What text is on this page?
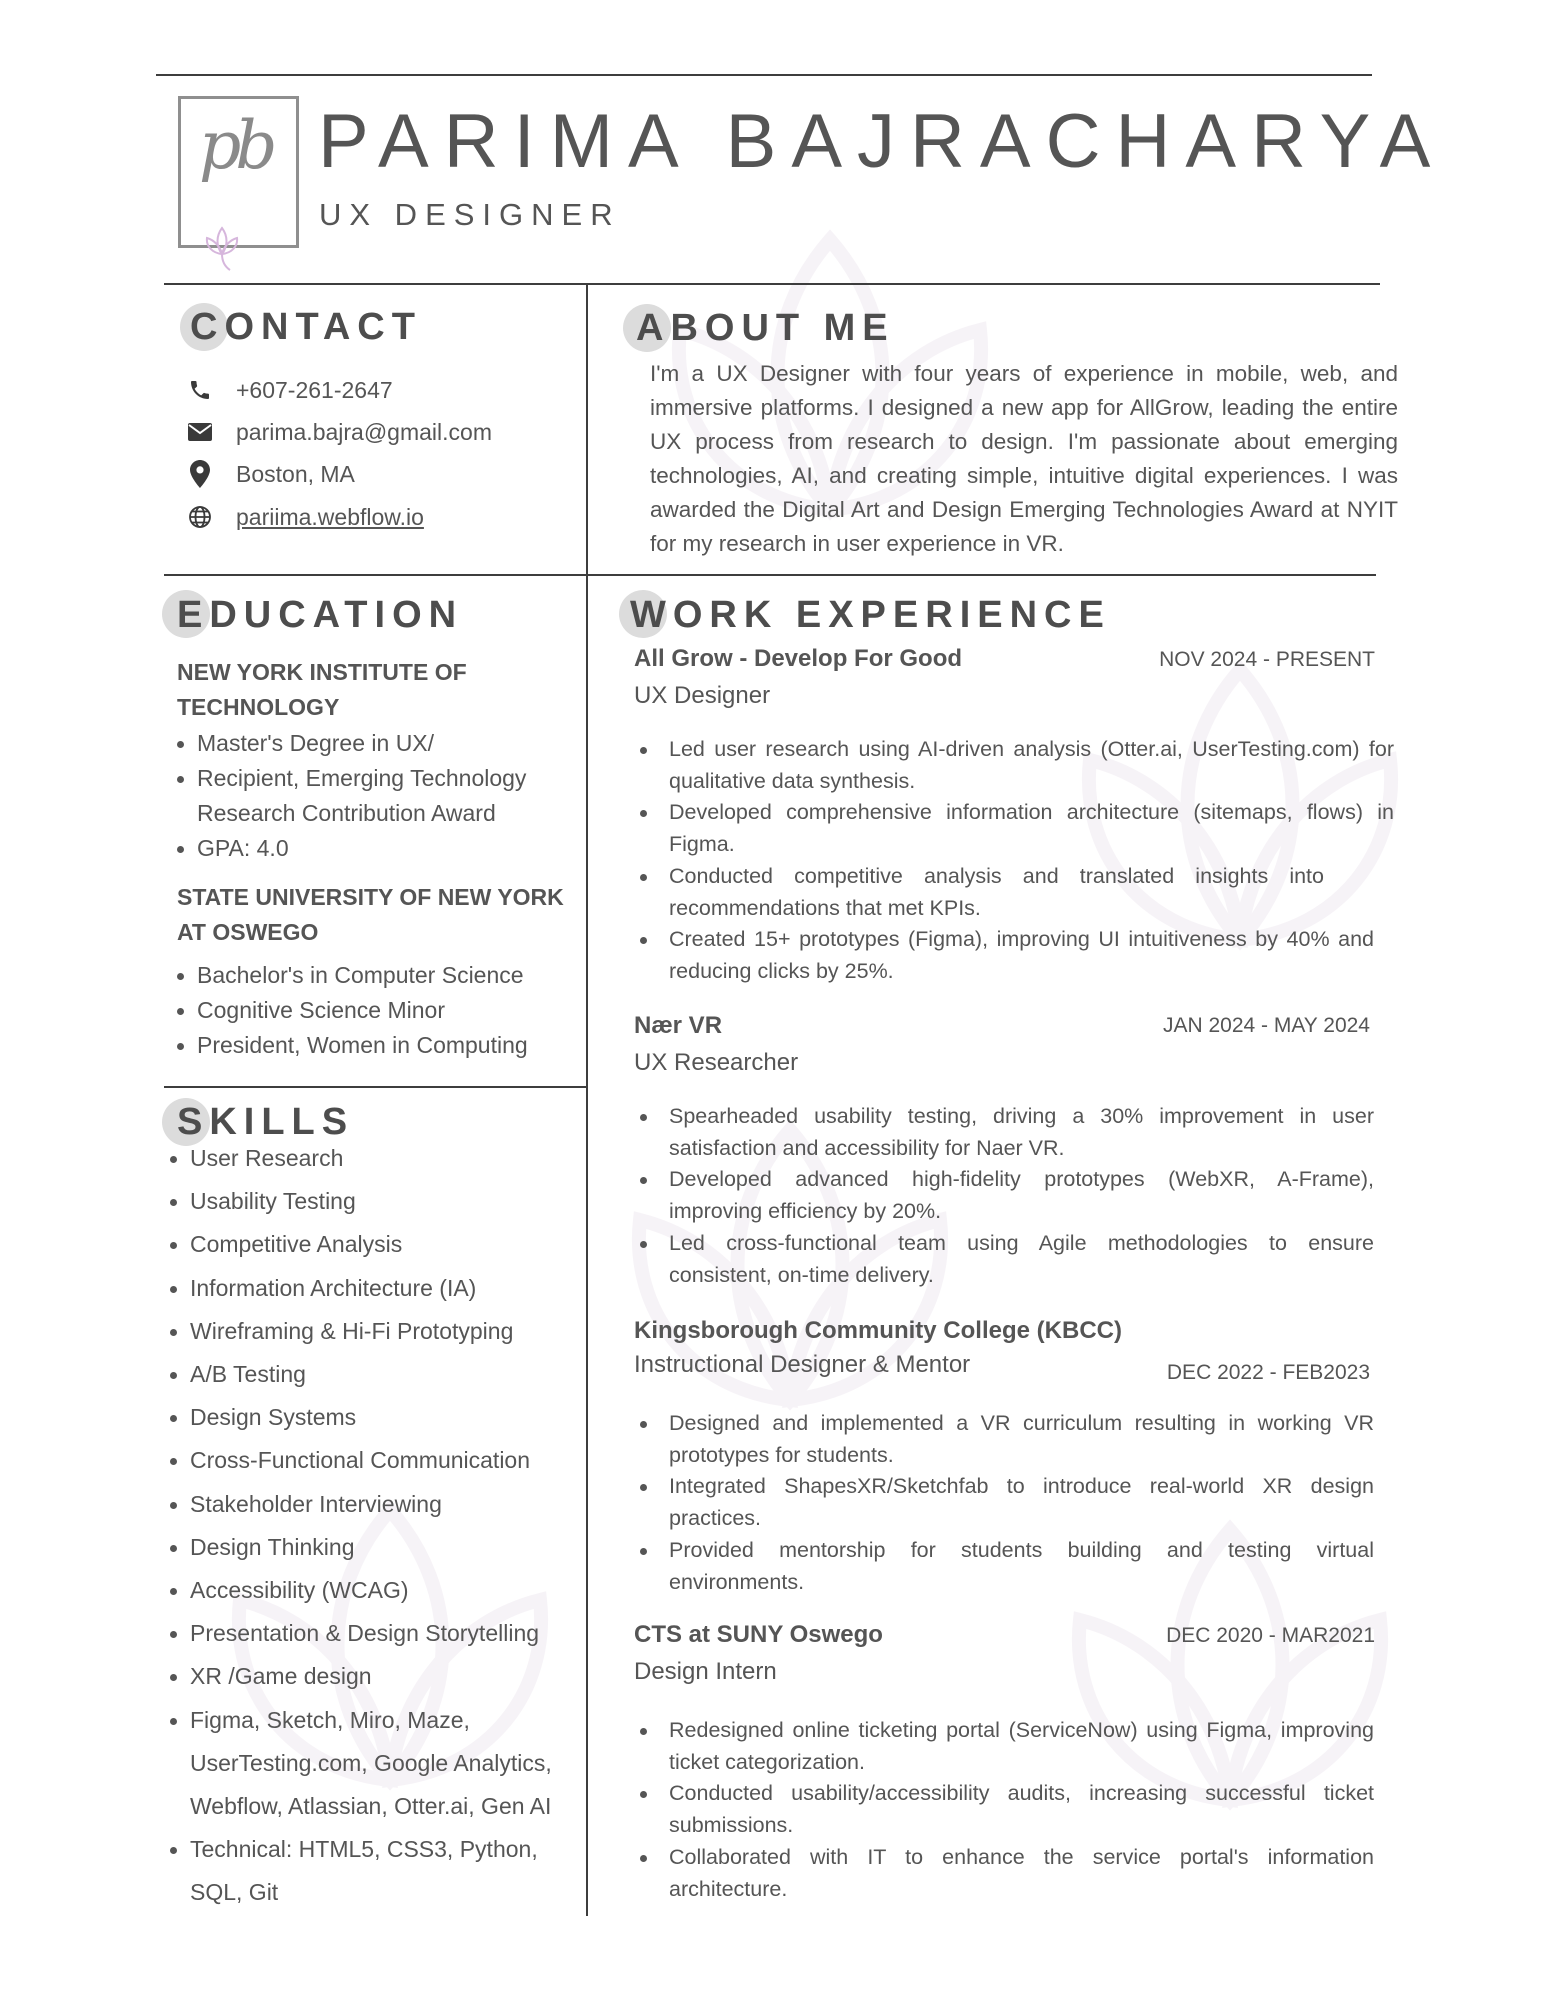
pb PARIMA BAJRACHARYA
UX DESIGNER
CONTACT
+607-261-2647
parima.bajra@gmail.com
Boston, MA
pariima.webflow.io
ABOUT ME
I'm a UX Designer with four years of experience in mobile, web, and immersive platforms. I designed a new app for AllGrow, leading the entire UX process from research to design. I'm passionate about emerging technologies, AI, and creating simple, intuitive digital experiences. I was awarded the Digital Art and Design Emerging Technologies Award at NYIT for my research in user experience in VR.
EDUCATION
NEW YORK INSTITUTE OF TECHNOLOGY
Master's Degree in UX/
Recipient, Emerging Technology
Research Contribution Award
GPA: 4.0
STATE UNIVERSITY OF NEW YORK AT OSWEGO
Bachelor's in Computer Science
Cognitive Science Minor
President, Women in Computing
SKILLS
User Research
Usability Testing
Competitive Analysis
Information Architecture (IA)
Wireframing & Hi-Fi Prototyping
A/B Testing
Design Systems
Cross-Functional Communication
Stakeholder Interviewing
Design Thinking
Accessibility (WCAG)
Presentation & Design Storytelling
XR /Game design
Figma, Sketch, Miro, Maze,
UserTesting.com, Google Analytics,
Webflow, Atlassian, Otter.ai, Gen AI
Technical: HTML5, CSS3, Python,
SQL, Git
WORK EXPERIENCE
All Grow - Develop For Good	NOV 2024 - PRESENT
UX Designer
Led user research using AI-driven analysis (Otter.ai, UserTesting.com) for qualitative data synthesis.
Developed comprehensive information architecture (sitemaps, flows) in Figma.
Conducted competitive analysis and translated insights into recommendations that met KPIs.
Created 15+ prototypes (Figma), improving UI intuitiveness by 40% and reducing clicks by 25%.
Nær VR	JAN 2024 - MAY 2024
UX Researcher
Spearheaded usability testing, driving a 30% improvement in user satisfaction and accessibility for Naer VR.
Developed advanced high-fidelity prototypes (WebXR, A-Frame), improving efficiency by 20%.
Led cross-functional team using Agile methodologies to ensure consistent, on-time delivery.
Kingsborough Community College (KBCC)
Instructional Designer & Mentor	DEC 2022 - FEB2023
Designed and implemented a VR curriculum resulting in working VR prototypes for students.
Integrated ShapesXR/Sketchfab to introduce real-world XR design practices.
Provided mentorship for students building and testing virtual environments.
CTS at SUNY Oswego	DEC 2020 - MAR2021
Design Intern
Redesigned online ticketing portal (ServiceNow) using Figma, improving ticket categorization.
Conducted usability/accessibility audits, increasing successful ticket submissions.
Collaborated with IT to enhance the service portal's information architecture.
